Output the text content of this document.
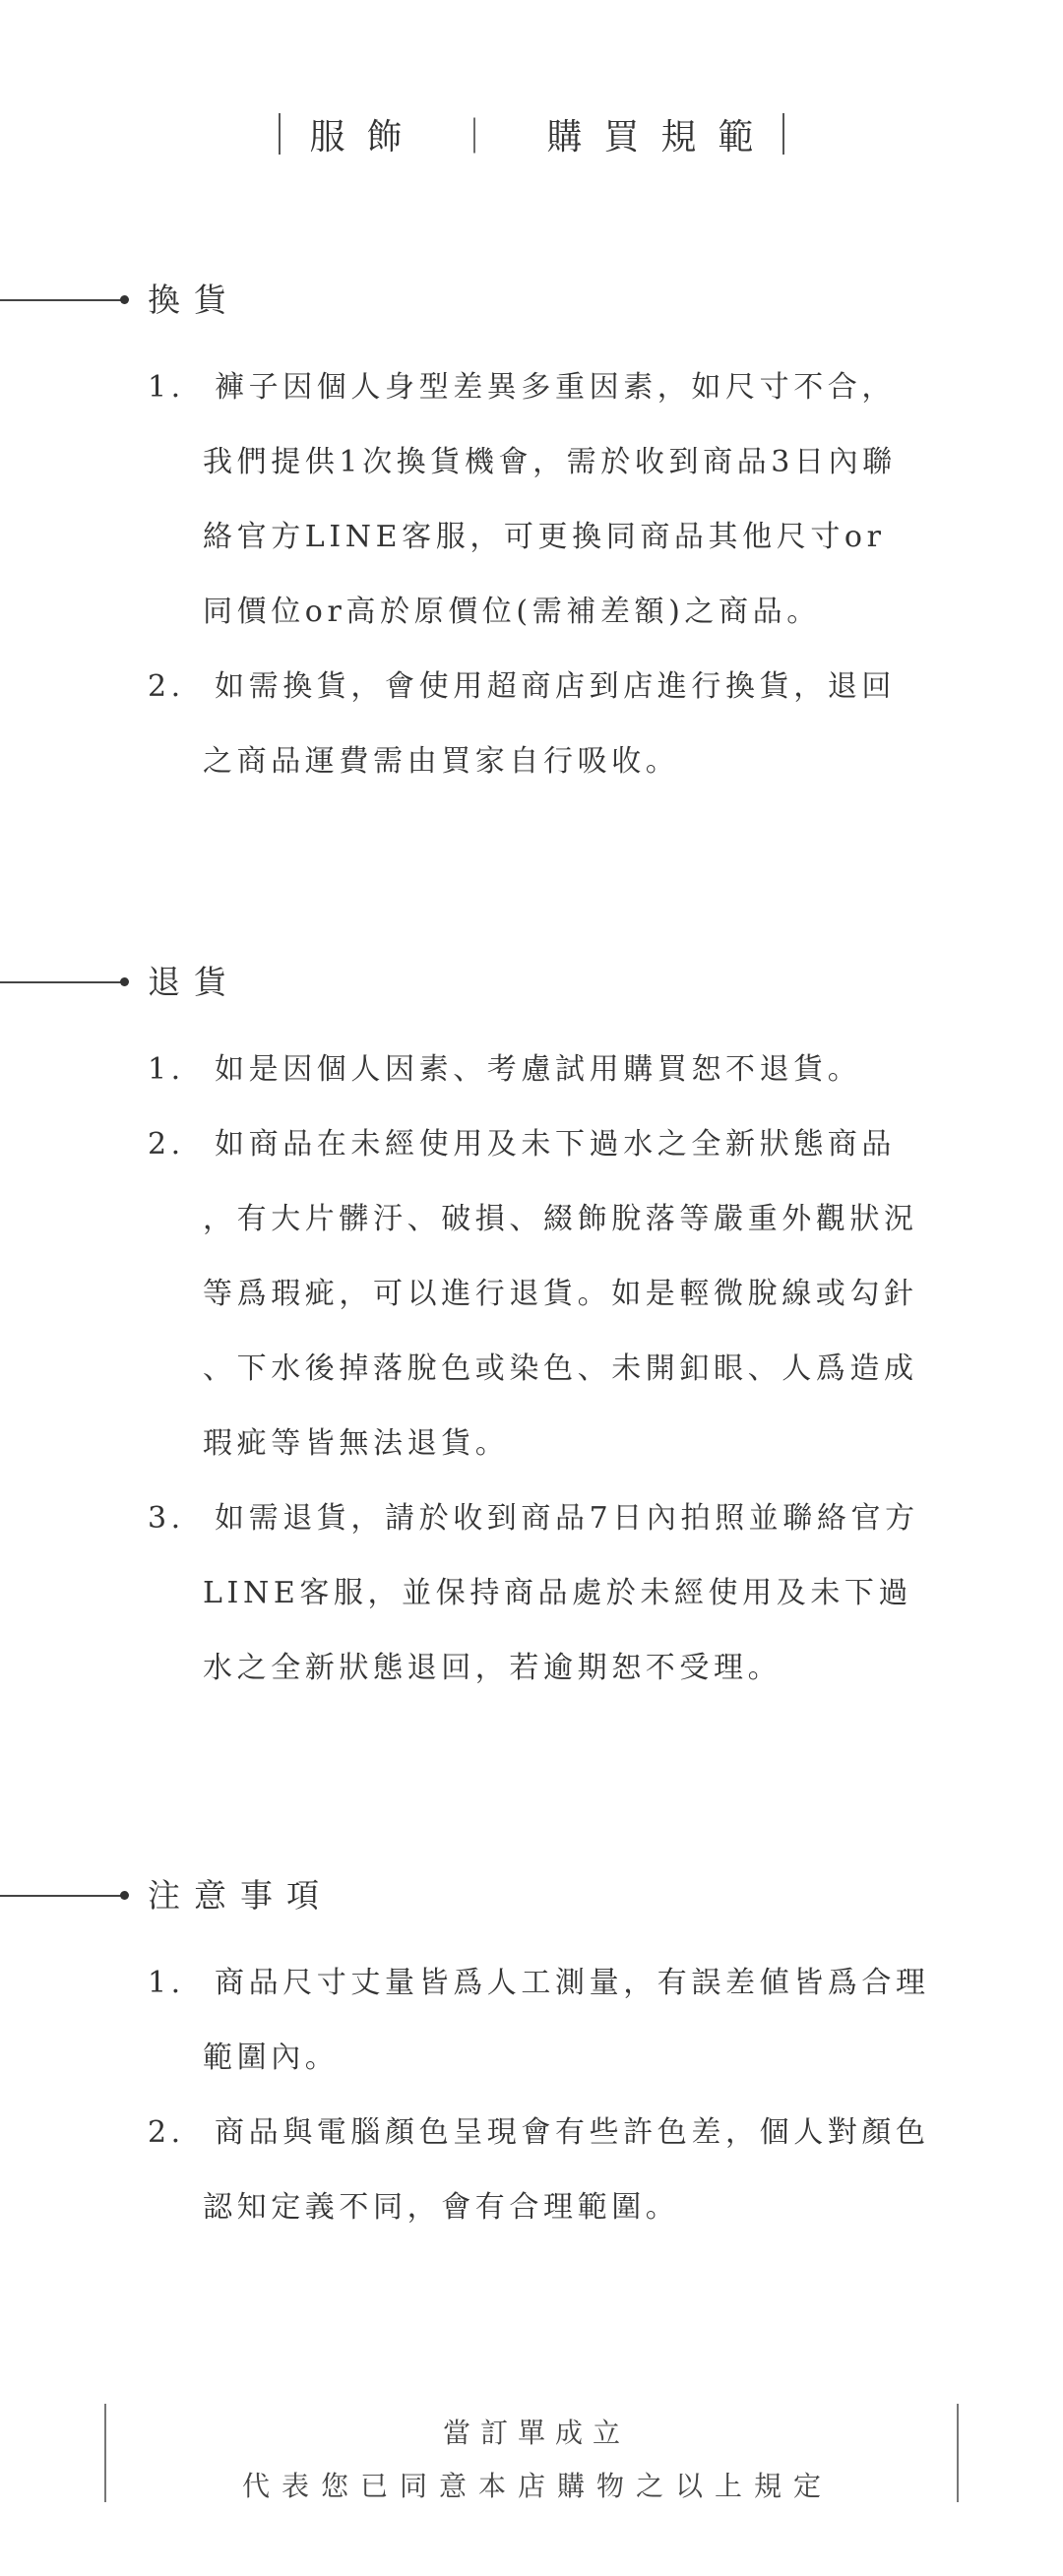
服飾 ｜ 購買規範
換貨
1.	褲子因個人身型差異多重因素，如尺寸不合，
我們提供1次換貨機會，需於收到商品3日內聯
絡官方LINE客服，可更換同商品其他尺寸or
同價位or高於原價位(需補差額)之商品。
2.	如需換貨，會使用超商店到店進行換貨，退回
之商品運費需由買家自行吸收。
退貨
1.	如是因個人因素、考慮試用購買恕不退貨。
2.	如商品在未經使用及未下過水之全新狀態商品
，有大片髒汙、破損、綴飾脫落等嚴重外觀狀況
等爲瑕疵，可以進行退貨。如是輕微脫線或勾針
、下水後掉落脫色或染色、未開釦眼、人爲造成
瑕疵等皆無法退貨。
3.	如需退貨，請於收到商品7日內拍照並聯絡官方
LINE客服，並保持商品處於未經使用及未下過
水之全新狀態退回，若逾期恕不受理。
注意事項
1.	商品尺寸丈量皆爲人工測量，有誤差値皆爲合理
範圍內。
2.	商品與電腦顏色呈現會有些許色差，個人對顏色
認知定義不同，會有合理範圍。
當訂單成立
代表您已同意本店購物之以上規定
